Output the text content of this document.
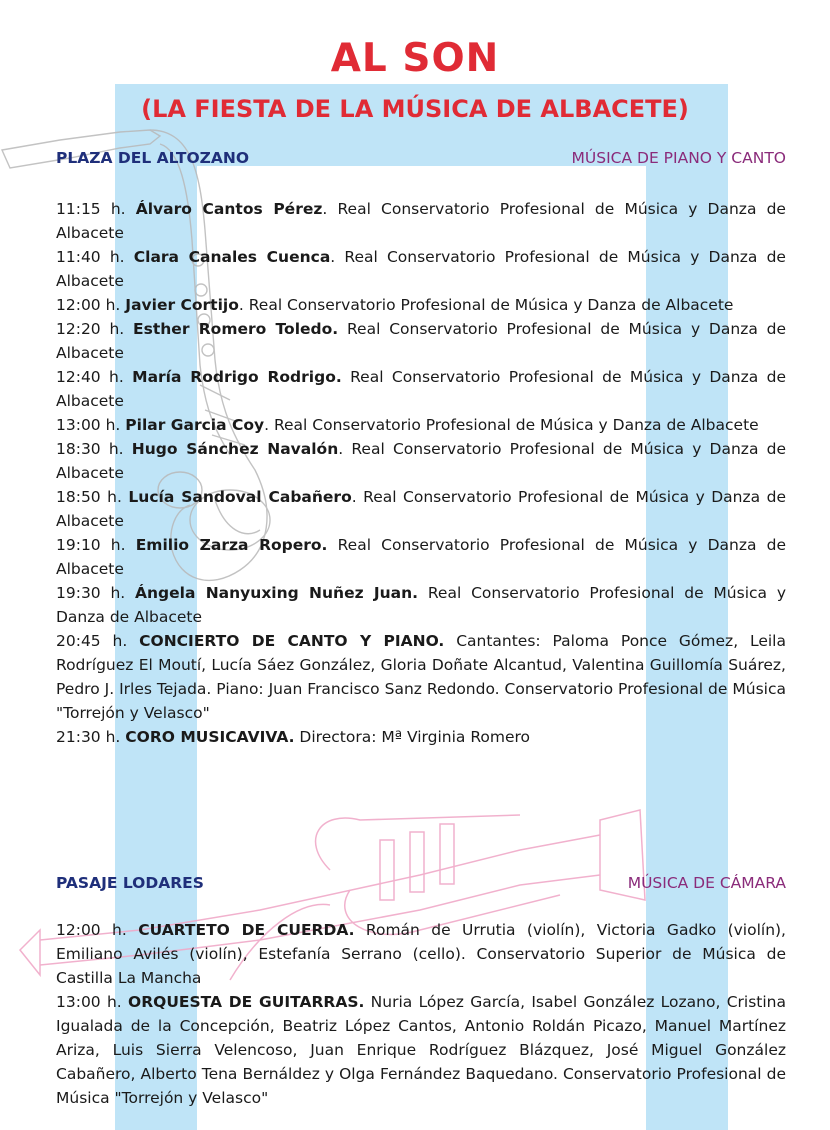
AL SON
(LA FIESTA DE LA MÚSICA DE ALBACETE)
PLAZA DEL ALTOZANO	MÚSICA DE PIANO Y CANTO

11:15 h. Álvaro Cantos Pérez. Real Conservatorio Profesional de Música y Danza de Albacete

11:40 h. Clara Canales Cuenca. Real Conservatorio Profesional de Música y Danza de Albacete

12:00 h. Javier Cortijo. Real Conservatorio Profesional de Música y Danza de Albacete

12:20 h. Esther Romero Toledo. Real Conservatorio Profesional de Música y Danza de Albacete

12:40 h. María Rodrigo Rodrigo. Real Conservatorio Profesional de Música y Danza de Albacete

13:00 h. Pilar Garcia Coy. Real Conservatorio Profesional de Música y Danza de Albacete

18:30 h. Hugo Sánchez Navalón. Real Conservatorio Profesional de Música y Danza de Albacete

18:50 h. Lucía Sandoval Cabañero. Real Conservatorio Profesional de Música y Danza de Albacete

19:10 h. Emilio Zarza Ropero. Real Conservatorio Profesional de Música y Danza de Albacete

19:30 h. Ángela Nanyuxing Nuñez Juan. Real Conservatorio Profesional de Música y Danza de Albacete

20:45 h. CONCIERTO DE CANTO Y PIANO. Cantantes: Paloma Ponce Gómez, Leila Rodríguez El Moutí, Lucía Sáez González, Gloria Doñate Alcantud, Valentina Guillomía Suárez, Pedro J. Irles Tejada. Piano: Juan Francisco Sanz Redondo. Conservatorio Profesional de Música "Torrejón y Velasco"

21:30 h. CORO MUSICAVIVA. Directora: Mª Virginia Romero

PASAJE LODARES	MÚSICA DE CÁMARA

12:00 h. CUARTETO DE CUERDA. Román de Urrutia (violín), Victoria Gadko (violín), Emiliano Avilés (violín), Estefanía Serrano (cello). Conservatorio Superior de Música de Castilla La Mancha

13:00 h. ORQUESTA DE GUITARRAS. Nuria López García, Isabel González Lozano, Cristina Igualada de la Concepción, Beatriz López Cantos, Antonio Roldán Picazo, Manuel Martínez Ariza, Luis Sierra Velencoso, Juan Enrique Rodríguez Blázquez, José Miguel González Cabañero, Alberto Tena Bernáldez y Olga Fernández Baquedano. Conservatorio Profesional de Música "Torrejón y Velasco"
